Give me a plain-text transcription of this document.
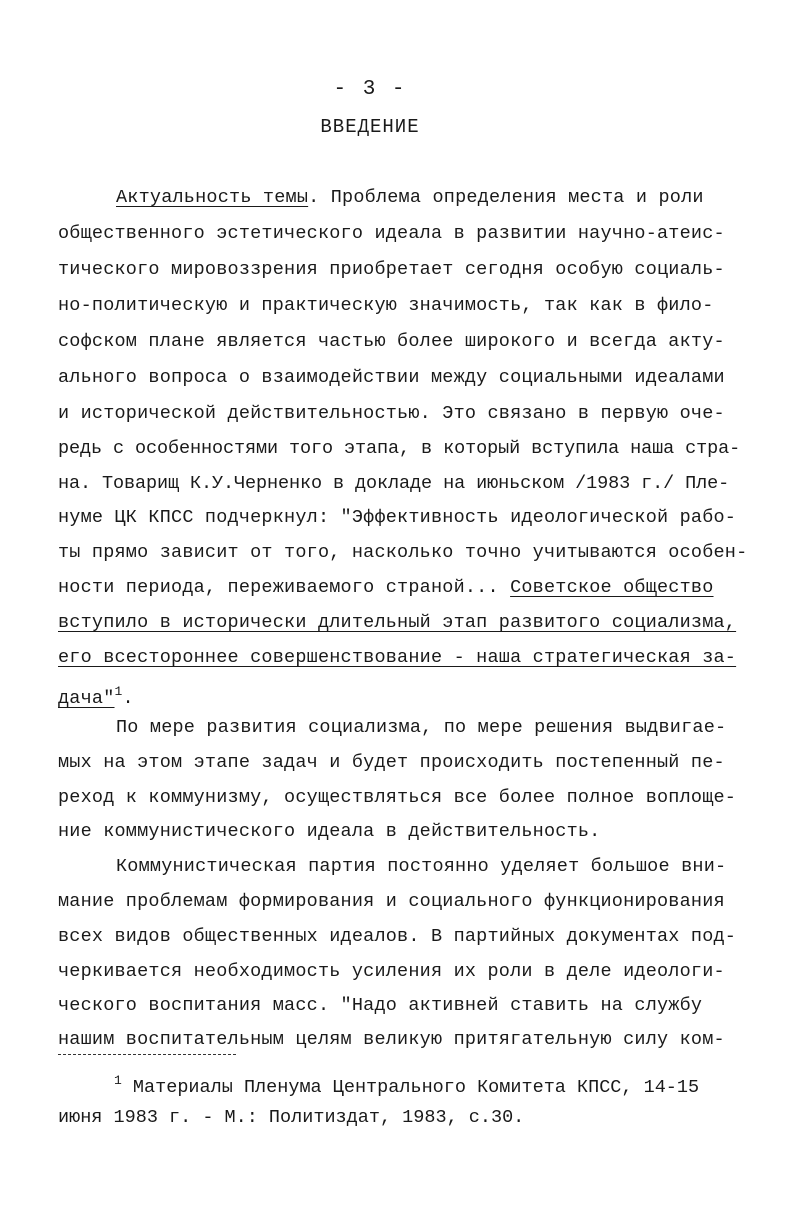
- 3 -
ВВЕДЕНИЕ
Актуальность темы. Проблема определения места и роли
общественного эстетического идеала в развитии научно-атеис-
тического мировоззрения приобретает сегодня особую социаль-
но-политическую и практическую значимость, так как в фило-
софском плане является частью более широкого и всегда акту-
ального вопроса о взаимодействии между социальными идеалами
и исторической действительностью. Это связано в первую оче-
редь с особенностями того этапа, в который вступила наша стра-
на. Товарищ К.У.Черненко в докладе на июньском /1983 г./ Пле-
нуме ЦК КПСС подчеркнул: "Эффективность идеологической рабо-
ты прямо зависит от того, насколько точно учитываются особен-
ности периода, переживаемого страной... Советское общество
вступило в исторически длительный этап развитого социализма,
его всестороннее совершенствование - наша стратегическая за-
дача"$^1$.
По мере развития социализма, по мере решения выдвигае-
мых на этом этапе задач и будет происходить постепенный пе-
реход к коммунизму, осуществляться все более полное воплоще-
ние коммунистического идеала в действительность.
Коммунистическая партия постоянно уделяет большое вни-
мание проблемам формирования и социального функционирования
всех видов общественных идеалов. В партийных документах под-
черкивается необходимость усиления их роли в деле идеологи-
ческого воспитания масс. "Надо активней ставить на службу
нашим воспитательным целям великую притягательную силу ком-
$^1$ Материалы Пленума Центрального Комитета КПСС, 14-15
июня 1983 г. - М.: Политиздат, 1983, с.30.
